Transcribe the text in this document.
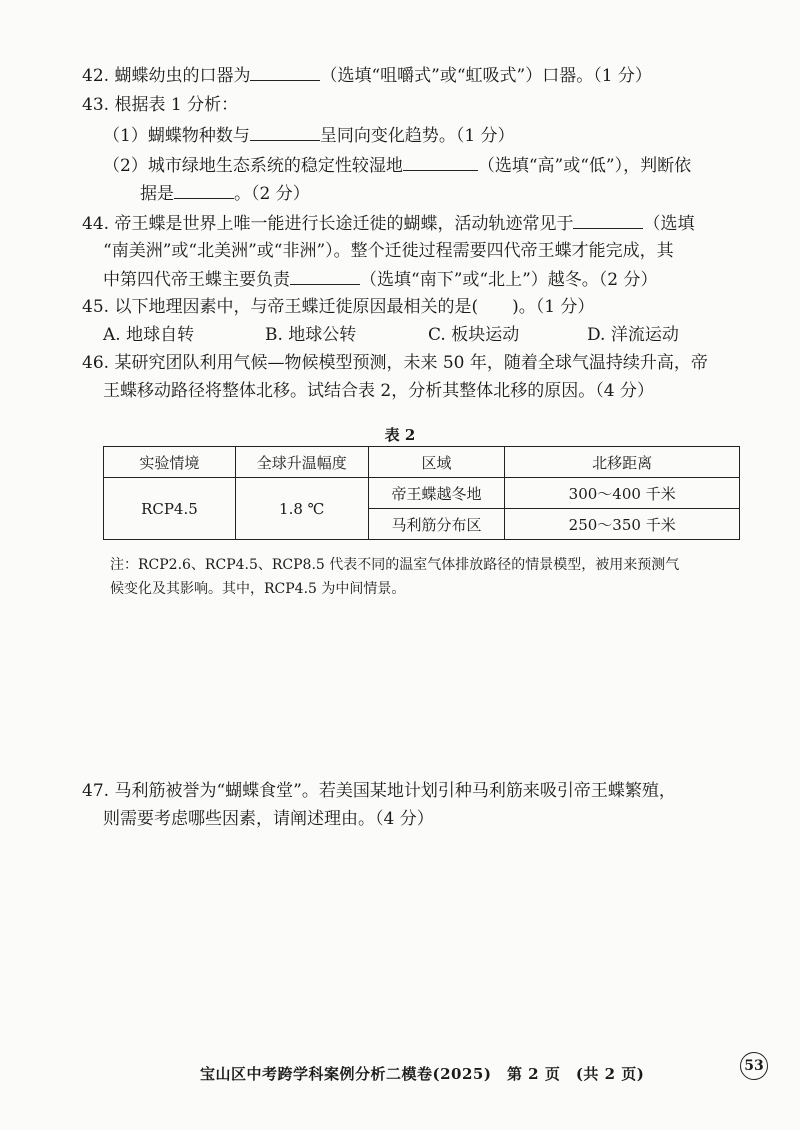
42. 蝴蝶幼虫的口器为	（选填“咀嚼式”或“虹吸式”）口器。（1 分）
43. 根据表 1 分析：
（1）蝴蝶物种数与	呈同向变化趋势。（1 分）
（2）城市绿地生态系统的稳定性较湿地	（选填“高”或“低”），判断依
据是	。（2 分）
44. 帝王蝶是世界上唯一能进行长途迁徙的蝴蝶，活动轨迹常见于	（选填
“南美洲”或“北美洲”或“非洲”）。整个迁徙过程需要四代帝王蝶才能完成，其
中第四代帝王蝶主要负责	（选填“南下”或“北上”）越冬。（2 分）
45. 以下地理因素中，与帝王蝶迁徙原因最相关的是(　　)。（1 分）
A. 地球自转	B. 地球公转	C. 板块运动	D. 洋流运动
46. 某研究团队利用气候—物候模型预测，未来 50 年，随着全球气温持续升高，帝
王蝶移动路径将整体北移。试结合表 2，分析其整体北移的原因。（4 分）
表 2
实验情境	全球升温幅度	区域	北移距离
RCP4.5	1.8 ℃	帝王蝶越冬地	300～400 千米
		马利筋分布区	250～350 千米
注：RCP2.6、RCP4.5、RCP8.5 代表不同的温室气体排放路径的情景模型，被用来预测气
候变化及其影响。其中，RCP4.5 为中间情景。
47. 马利筋被誉为“蝴蝶食堂”。若美国某地计划引种马利筋来吸引帝王蝶繁殖，
则需要考虑哪些因素，请阐述理由。（4 分）
宝山区中考跨学科案例分析二模卷(2025)　第 2 页　(共 2 页)	53
